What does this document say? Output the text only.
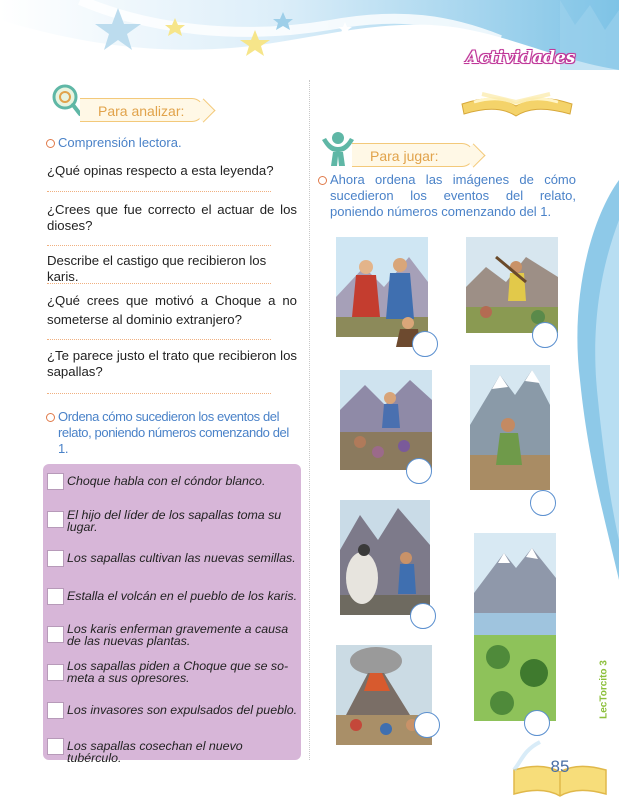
Actividades
Para analizar:
Comprensión lectora.
¿Qué opinas respecto a esta leyenda?
¿Crees que fue correcto el actuar de los dioses?
Describe el castigo que recibieron los karis.
¿Qué crees que motivó a Choque a no someterse al dominio extranjero?
¿Te parece justo el trato que recibieron los sapallas?
Ordena cómo sucedieron los eventos del relato, poniendo números comenzando del 1.
Choque habla con el cóndor blanco.
El hijo del líder de los sapallas toma su lugar.
Los sapallas cultivan las nuevas semillas.
Estalla el volcán en el pueblo de los karis.
Los karis enferman gravemente a causa de las nuevas plantas.
Los sapallas piden a Choque que se so-meta a sus opresores.
Los invasores son expulsados del pueblo.
Los sapallas cosechan el nuevo tubérculo.
Para jugar:
Ahora ordena las imágenes de cómo sucedieron los eventos del relato, poniendo números comenzando del 1.
LecTorcito 3
85
